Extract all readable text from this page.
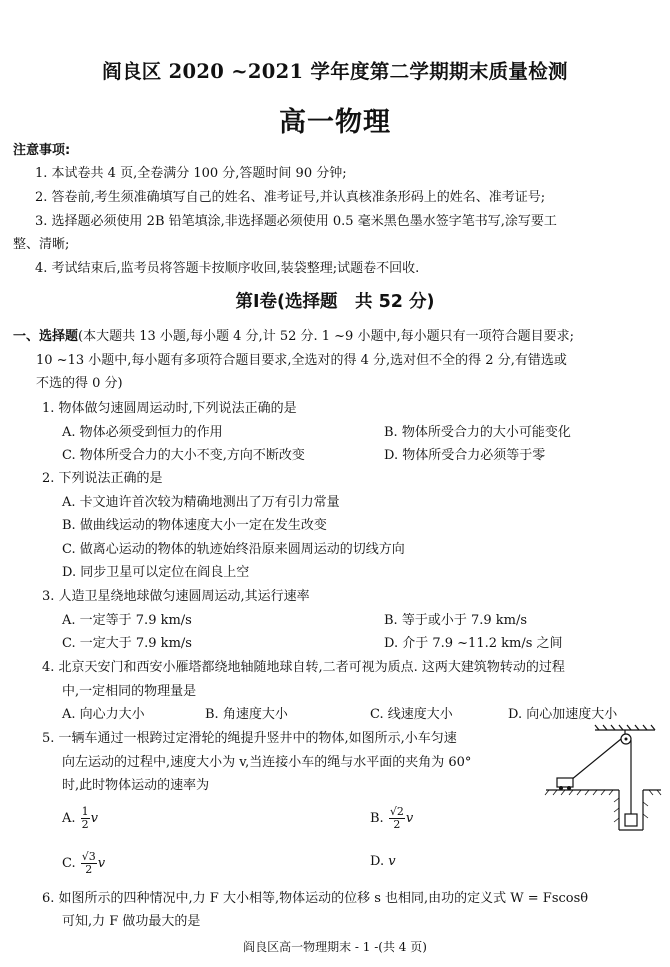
阎良区 2020 ~2021 学年度第二学期期末质量检测
高一物理
注意事项:
1. 本试卷共 4 页,全卷满分 100 分,答题时间 90 分钟;
2. 答卷前,考生须准确填写自己的姓名、准考证号,并认真核准条形码上的姓名、准考证号;
3. 选择题必须使用 2B 铅笔填涂,非选择题必须使用 0.5 毫米黑色墨水签字笔书写,涂写要工
整、清晰;
4. 考试结束后,监考员将答题卡按顺序收回,装袋整理;试题卷不回收.
第Ⅰ卷(选择题　共 52 分)
一、选择题(本大题共 13 小题,每小题 4 分,计 52 分. 1 ~9 小题中,每小题只有一项符合题目要求;
10 ~13 小题中,每小题有多项符合题目要求,全选对的得 4 分,选对但不全的得 2 分,有错选或
不选的得 0 分)
1. 物体做匀速圆周运动时,下列说法正确的是
A. 物体必须受到恒力的作用	B. 物体所受合力的大小可能变化
C. 物体所受合力的大小不变,方向不断改变	D. 物体所受合力必须等于零
2. 下列说法正确的是
A. 卡文迪许首次较为精确地测出了万有引力常量
B. 做曲线运动的物体速度大小一定在发生改变
C. 做离心运动的物体的轨迹始终沿原来圆周运动的切线方向
D. 同步卫星可以定位在阎良上空
3. 人造卫星绕地球做匀速圆周运动,其运行速率
A. 一定等于 7.9 km/s	B. 等于或小于 7.9 km/s
C. 一定大于 7.9 km/s	D. 介于 7.9 ~11.2 km/s 之间
4. 北京天安门和西安小雁塔都绕地轴随地球自转,二者可视为质点. 这两大建筑物转动的过程
中,一定相同的物理量是
A. 向心力大小	B. 角速度大小	C. 线速度大小	D. 向心加速度大小
5. 一辆车通过一根跨过定滑轮的绳提升竖井中的物体,如图所示,小车匀速
向左运动的过程中,速度大小为 v,当连接小车的绳与水平面的夹角为 60°
时,此时物体运动的速率为
A. $\frac{1}{2}$ v	B. $\frac{√2}{2}$ v
C. $\frac{√3}{2}$ v	D. v
6. 如图所示的四种情况中,力 F 大小相等,物体运动的位移 s 也相同,由功的定义式 W = Fscosθ
可知,力 F 做功最大的是
阎良区高一物理期末 - 1 -(共 4 页)
